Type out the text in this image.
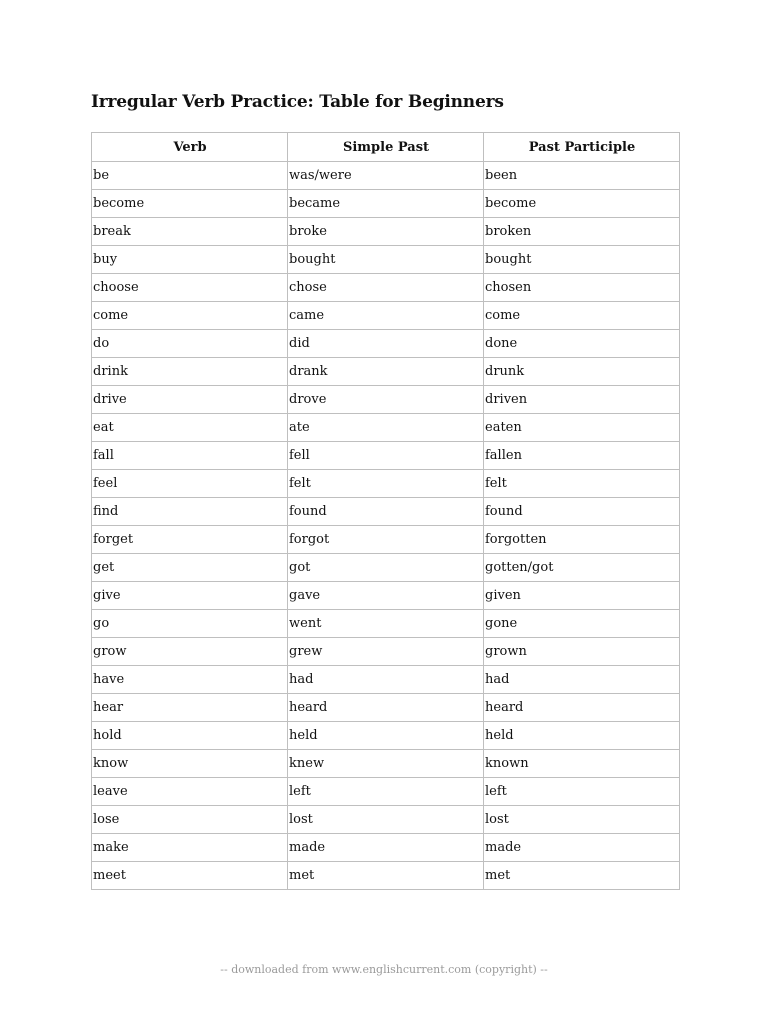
Irregular Verb Practice: Table for Beginners
Verb	Simple Past	Past Participle
be	was/were	been
become	became	become
break	broke	broken
buy	bought	bought
choose	chose	chosen
come	came	come
do	did	done
drink	drank	drunk
drive	drove	driven
eat	ate	eaten
fall	fell	fallen
feel	felt	felt
find	found	found
forget	forgot	forgotten
get	got	gotten/got
give	gave	given
go	went	gone
grow	grew	grown
have	had	had
hear	heard	heard
hold	held	held
know	knew	known
leave	left	left
lose	lost	lost
make	made	made
meet	met	met
-- downloaded from www.englishcurrent.com (copyright) --
